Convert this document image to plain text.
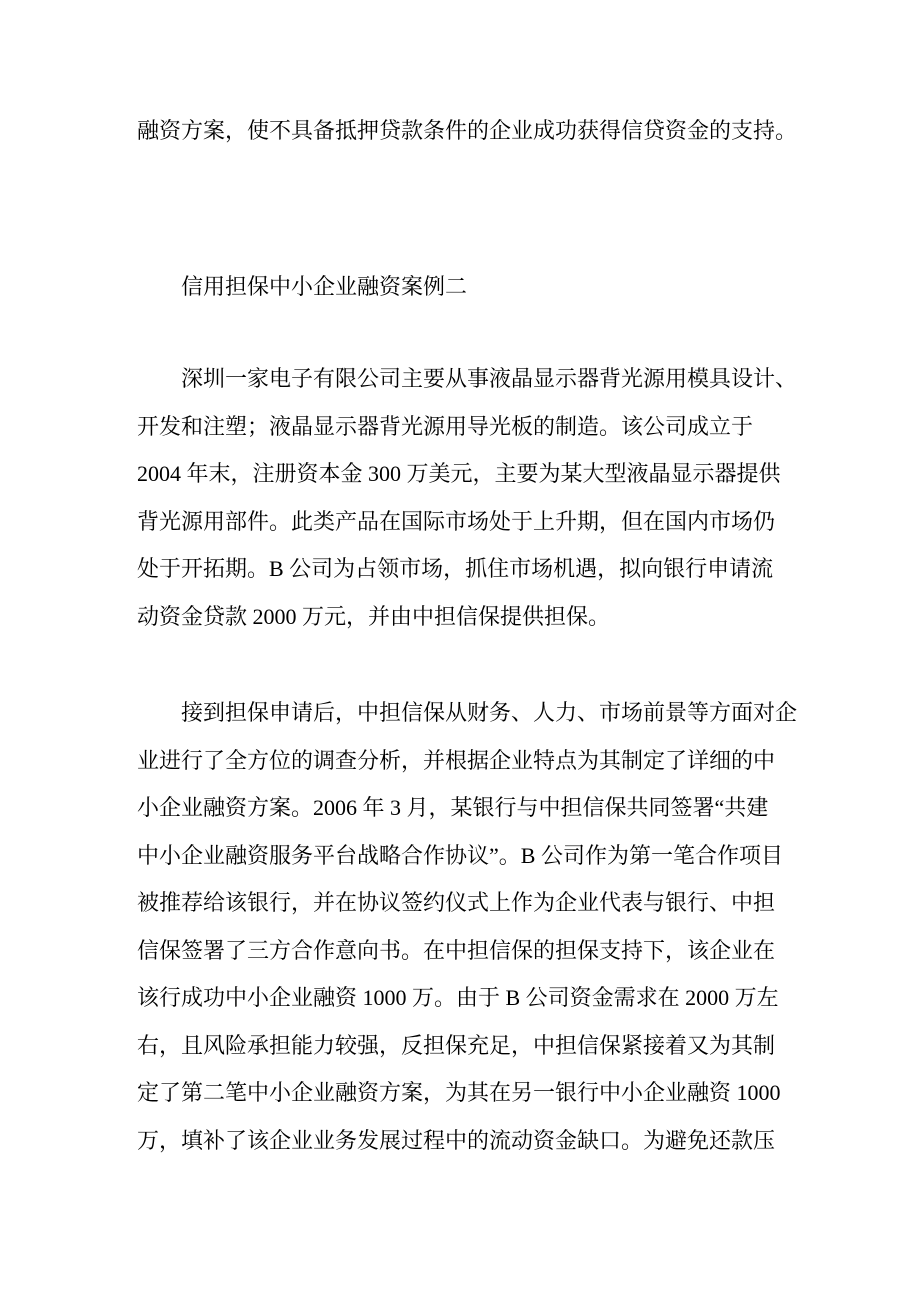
融资方案，使不具备抵押贷款条件的企业成功获得信贷资金的支持。
信用担保中小企业融资案例二
深圳一家电子有限公司主要从事液晶显示器背光源用模具设计、
开发和注塑；液晶显示器背光源用导光板的制造。该公司成立于
2004 年末，注册资本金 300 万美元，主要为某大型液晶显示器提供
背光源用部件。此类产品在国际市场处于上升期，但在国内市场仍
处于开拓期。B 公司为占领市场，抓住市场机遇，拟向银行申请流
动资金贷款 2000 万元，并由中担信保提供担保。
接到担保申请后，中担信保从财务、人力、市场前景等方面对企
业进行了全方位的调查分析，并根据企业特点为其制定了详细的中
小企业融资方案。2006 年 3 月，某银行与中担信保共同签署“共建
中小企业融资服务平台战略合作协议”。B 公司作为第一笔合作项目
被推荐给该银行，并在协议签约仪式上作为企业代表与银行、中担
信保签署了三方合作意向书。在中担信保的担保支持下，该企业在
该行成功中小企业融资 1000 万。由于 B 公司资金需求在 2000 万左
右，且风险承担能力较强，反担保充足，中担信保紧接着又为其制
定了第二笔中小企业融资方案，为其在另一银行中小企业融资 1000
万，填补了该企业业务发展过程中的流动资金缺口。为避免还款压
